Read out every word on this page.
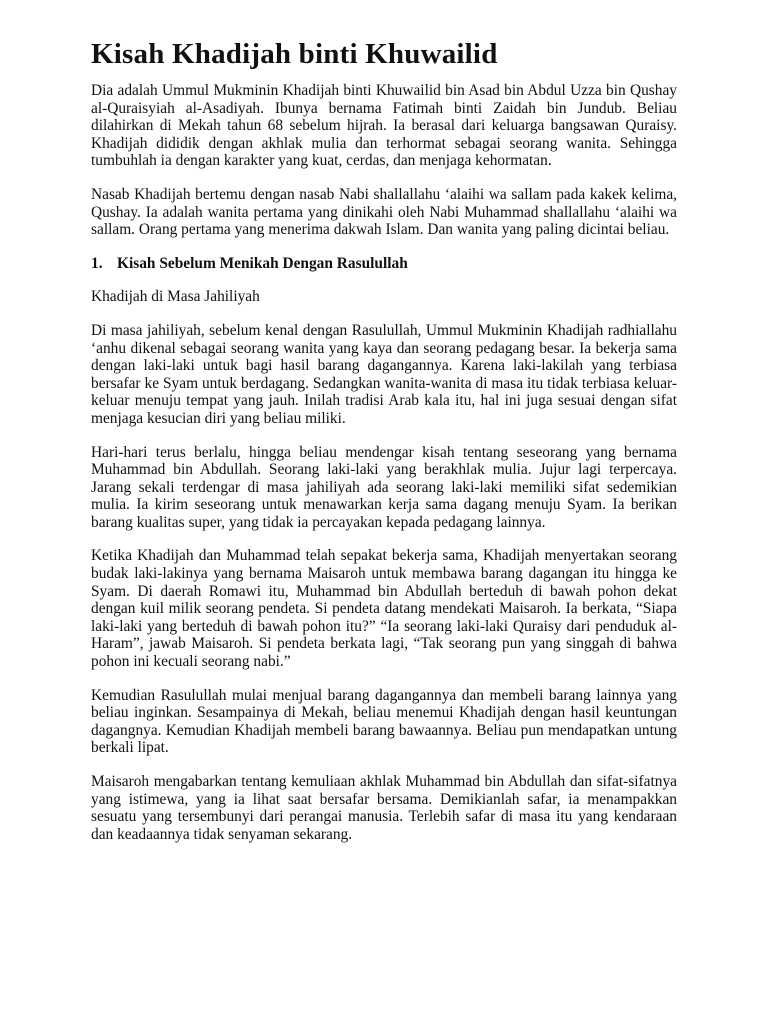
Kisah Khadijah binti Khuwailid

Dia adalah Ummul Mukminin Khadijah binti Khuwailid bin Asad bin Abdul Uzza bin Qushay al-Quraisyiah al-Asadiyah. Ibunya bernama Fatimah binti Zaidah bin Jundub. Beliau dilahirkan di Mekah tahun 68 sebelum hijrah. Ia berasal dari keluarga bangsawan Quraisy. Khadijah dididik dengan akhlak mulia dan terhormat sebagai seorang wanita. Sehingga tumbuhlah ia dengan karakter yang kuat, cerdas, dan menjaga kehormatan.

Nasab Khadijah bertemu dengan nasab Nabi shallallahu ‘alaihi wa sallam pada kakek kelima, Qushay. Ia adalah wanita pertama yang dinikahi oleh Nabi Muhammad shallallahu ‘alaihi wa sallam. Orang pertama yang menerima dakwah Islam. Dan wanita yang paling dicintai beliau.

1. Kisah Sebelum Menikah Dengan Rasulullah
Khadijah di Masa Jahiliyah

Di masa jahiliyah, sebelum kenal dengan Rasulullah, Ummul Mukminin Khadijah radhiallahu ‘anhu dikenal sebagai seorang wanita yang kaya dan seorang pedagang besar. Ia bekerja sama dengan laki-laki untuk bagi hasil barang dagangannya. Karena laki-lakilah yang terbiasa bersafar ke Syam untuk berdagang. Sedangkan wanita-wanita di masa itu tidak terbiasa keluar-keluar menuju tempat yang jauh. Inilah tradisi Arab kala itu, hal ini juga sesuai dengan sifat menjaga kesucian diri yang beliau miliki.

Hari-hari terus berlalu, hingga beliau mendengar kisah tentang seseorang yang bernama Muhammad bin Abdullah. Seorang laki-laki yang berakhlak mulia. Jujur lagi terpercaya. Jarang sekali terdengar di masa jahiliyah ada seorang laki-laki memiliki sifat sedemikian mulia. Ia kirim seseorang untuk menawarkan kerja sama dagang menuju Syam. Ia berikan barang kualitas super, yang tidak ia percayakan kepada pedagang lainnya.

Ketika Khadijah dan Muhammad telah sepakat bekerja sama, Khadijah menyertakan seorang budak laki-lakinya yang bernama Maisaroh untuk membawa barang dagangan itu hingga ke Syam. Di daerah Romawi itu, Muhammad bin Abdullah berteduh di bawah pohon dekat dengan kuil milik seorang pendeta. Si pendeta datang mendekati Maisaroh. Ia berkata, “Siapa laki-laki yang berteduh di bawah pohon itu?” “Ia seorang laki-laki Quraisy dari penduduk al-Haram”, jawab Maisaroh. Si pendeta berkata lagi, “Tak seorang pun yang singgah di bahwa pohon ini kecuali seorang nabi.”

Kemudian Rasulullah mulai menjual barang dagangannya dan membeli barang lainnya yang beliau inginkan. Sesampainya di Mekah, beliau menemui Khadijah dengan hasil keuntungan dagangnya. Kemudian Khadijah membeli barang bawaannya. Beliau pun mendapatkan untung berkali lipat.

Maisaroh mengabarkan tentang kemuliaan akhlak Muhammad bin Abdullah dan sifat-sifatnya yang istimewa, yang ia lihat saat bersafar bersama. Demikianlah safar, ia menampakkan sesuatu yang tersembunyi dari perangai manusia. Terlebih safar di masa itu yang kendaraan dan keadaannya tidak senyaman sekarang.
